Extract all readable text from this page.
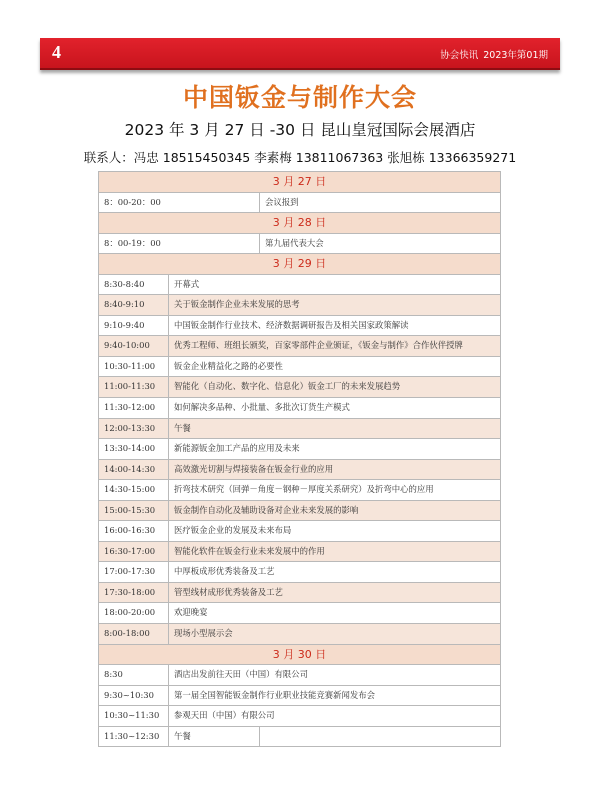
4	协会快讯 2023年第01期
中国钣金与制作大会
2023 年 3 月 27 日 -30 日 昆山皇冠国际会展酒店
联系人：冯忠 18515450345 李素梅 13811067363 张旭栋 13366359271
3 月 27 日		
8：00-20：00		会议报到
3 月 28 日		
8：00-19：00		第九届代表大会
3 月 29 日		
8:30-8:40	开幕式	
8:40-9:10	关于钣金制作企业未来发展的思考	
9:10-9:40	中国钣金制作行业技术、经济数据调研报告及相关国家政策解读	
9:40-10:00	优秀工程师、班组长颁奖，百家零部件企业颁证，《钣金与制作》合作伙伴授牌	
10:30-11:00	钣金企业精益化之路的必要性	
11:00-11:30	智能化（自动化、数字化、信息化）钣金工厂的未来发展趋势	
11:30-12:00	如何解决多品种、小批量、多批次订货生产模式	
12:00-13:30	午餐	
13:30-14:00	新能源钣金加工产品的应用及未来	
14:00-14:30	高效激光切割与焊接装备在钣金行业的应用	
14:30-15:00	折弯技术研究（回弹－角度－钢种－厚度关系研究）及折弯中心的应用	
15:00-15:30	钣金制作自动化及辅助设备对企业未来发展的影响	
16:00-16:30	医疗钣金企业的发展及未来布局	
16:30-17:00	智能化软件在钣金行业未来发展中的作用	
17:00-17:30	中厚板成形优秀装备及工艺	
17:30-18:00	管型线材成形优秀装备及工艺	
18:00-20:00	欢迎晚宴	
8:00-18:00	现场小型展示会	
3 月 30 日		
8:30	酒店出发前往天田（中国）有限公司	
9:30~10:30	第一届全国智能钣金制作行业职业技能竞赛新闻发布会	
10:30~11:30	参观天田（中国）有限公司	
11:30~12:30	午餐	
